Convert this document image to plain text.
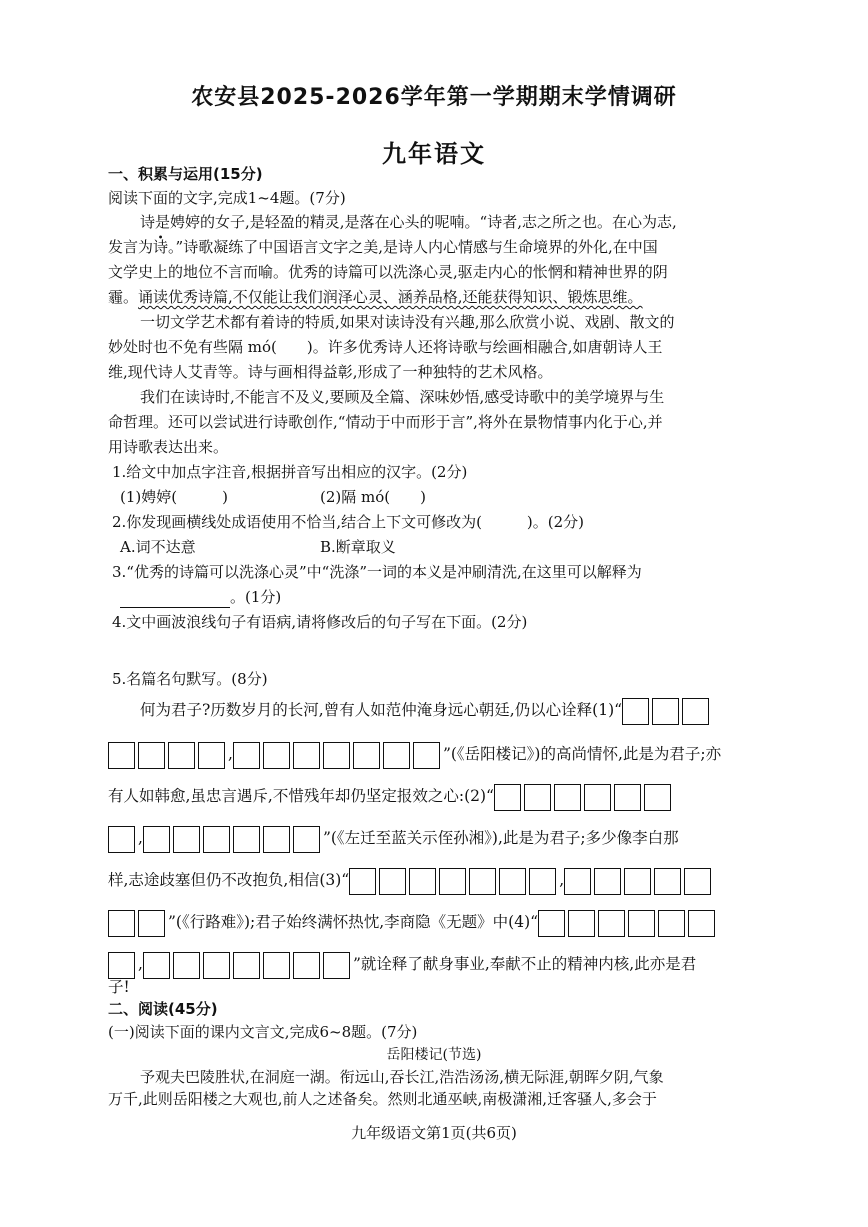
农安县2025-2026学年第一学期期末学情调研
九年语文
一、积累与运用(15分)
阅读下面的文字,完成1~4题。(7分)
诗是娉婷的女子,是轻盈的精灵,是落在心头的呢喃。“诗者,志之所之也。在心为志,
发言为诗。”诗歌凝练了中国语言文字之美,是诗人内心情感与生命境界的外化,在中国
文学史上的地位不言而喻。优秀的诗篇可以洗涤心灵,驱走内心的怅惘和精神世界的阴
霾。诵读优秀诗篇,不仅能让我们润泽心灵、涵养品格,还能获得知识、锻炼思维。
一切文学艺术都有着诗的特质,如果对读诗没有兴趣,那么欣赏小说、戏剧、散文的
妙处时也不免有些隔 mó(　　)。许多优秀诗人还将诗歌与绘画相融合,如唐朝诗人王
维,现代诗人艾青等。诗与画相得益彰,形成了一种独特的艺术风格。
我们在读诗时,不能言不及义,要顾及全篇、深味妙悟,感受诗歌中的美学境界与生
命哲理。还可以尝试进行诗歌创作,“情动于中而形于言”,将外在景物情事内化于心,并
用诗歌表达出来。
1.给文中加点字注音,根据拼音写出相应的汉字。(2分)
(1)娉婷(　　　)	(2)隔 mó(　　)
2.你发现画横线处成语使用不恰当,结合上下文可修改为(　　　)。(2分)
A.词不达意	B.断章取义
3.“优秀的诗篇可以洗涤心灵”中“洗涤”一词的本义是冲刷清洗,在这里可以解释为
。(1分)
4.文中画波浪线句子有语病,请将修改后的句子写在下面。(2分)
5.名篇名句默写。(8分)
何为君子?历数岁月的长河,曾有人如范仲淹身远心朝廷,仍以心诠释(1)“
,	”(《岳阳楼记》)的高尚情怀,此是为君子;亦
有人如韩愈,虽忠言遇斥,不惜残年却仍坚定报效之心:(2)“
,	”(《左迁至蓝关示侄孙湘》),此是为君子;多少像李白那
样,志途歧塞但仍不改抱负,相信(3)“	,
”(《行路难》);君子始终满怀热忱,李商隐《无题》中(4)“
,	”就诠释了献身事业,奉献不止的精神内核,此亦是君
子!
二、阅读(45分)
(一)阅读下面的课内文言文,完成6~8题。(7分)
岳阳楼记(节选)
予观夫巴陵胜状,在洞庭一湖。衔远山,吞长江,浩浩汤汤,横无际涯,朝晖夕阴,气象
万千,此则岳阳楼之大观也,前人之述备矣。然则北通巫峡,南极潇湘,迁客骚人,多会于
九年级语文第1页(共6页)
